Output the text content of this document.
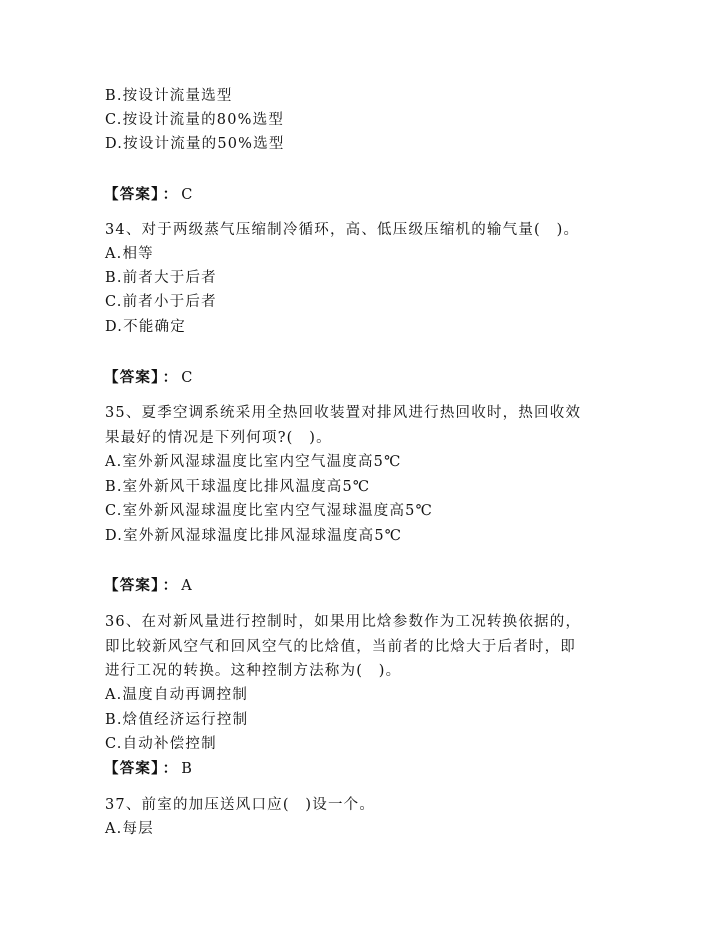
B.按设计流量选型
C.按设计流量的80%选型
D.按设计流量的50%选型
【答案】 ： C
34、对于两级蒸气压缩制冷循环，高、低压级压缩机的输气量(　)。
A.相等
B.前者大于后者
C.前者小于后者
D.不能确定
【答案】 ： C
35、夏季空调系统采用全热回收装置对排风进行热回收时，热回收效
果最好的情况是下列何项?(　)。
A.室外新风湿球温度比室内空气温度高5℃
B.室外新风干球温度比排风温度高5℃
C.室外新风湿球温度比室内空气湿球温度高5℃
D.室外新风湿球温度比排风湿球温度高5℃
【答案】 ： A
36、在对新风量进行控制时，如果用比焓参数作为工况转换依据的，
即比较新风空气和回风空气的比焓值，当前者的比焓大于后者时，即
进行工况的转换。这种控制方法称为(　)。
A.温度自动再调控制
B.焓值经济运行控制
C.自动补偿控制
【答案】 ： B
37、前室的加压送风口应(　)设一个。
A.每层
